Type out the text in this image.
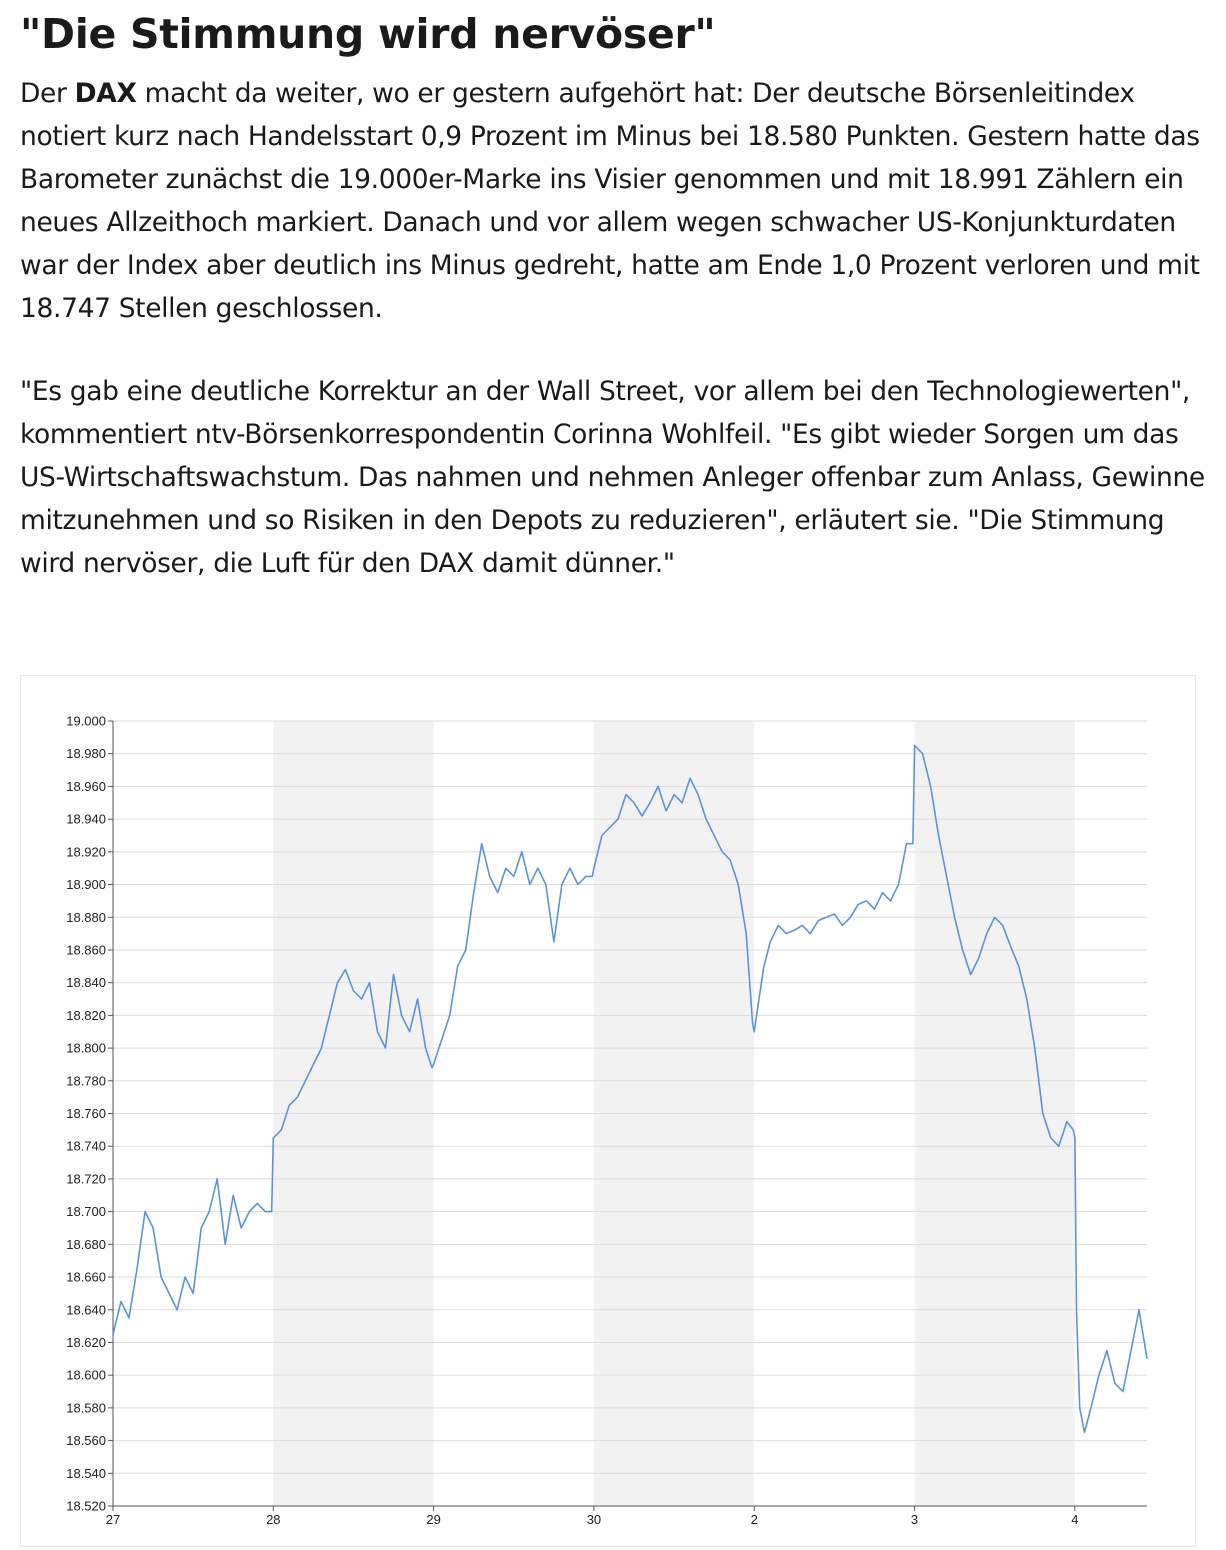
"Die Stimmung wird nervöser"

Der DAX macht da weiter, wo er gestern aufgehört hat: Der deutsche Börsenleitindex notiert kurz nach Handelsstart 0,9 Prozent im Minus bei 18.580 Punkten. Gestern hatte das Barometer zunächst die 19.000er-Marke ins Visier genommen und mit 18.991 Zählern ein neues Allzeithoch markiert. Danach und vor allem wegen schwacher US-Konjunkturdaten war der Index aber deutlich ins Minus gedreht, hatte am Ende 1,0 Prozent verloren und mit 18.747 Stellen geschlossen.

"Es gab eine deutliche Korrektur an der Wall Street, vor allem bei den Technologiewerten", kommentiert ntv-Börsenkorrespondentin Corinna Wohlfeil. "Es gibt wieder Sorgen um das US-Wirtschaftswachstum. Das nahmen und nehmen Anleger offenbar zum Anlass, Gewinne mitzunehmen und so Risiken in den Depots zu reduzieren", erläutert sie. "Die Stimmung wird nervöser, die Luft für den DAX damit dünner."

19.000
18.980
18.960
18.940
18.920
18.900
18.880
18.860
18.840
18.820
18.800
18.780
18.760
18.740
18.720
18.700
18.680
18.660
18.640
18.620
18.600
18.580
18.560
18.540
18.520
27	28	29	30	2	3	4
